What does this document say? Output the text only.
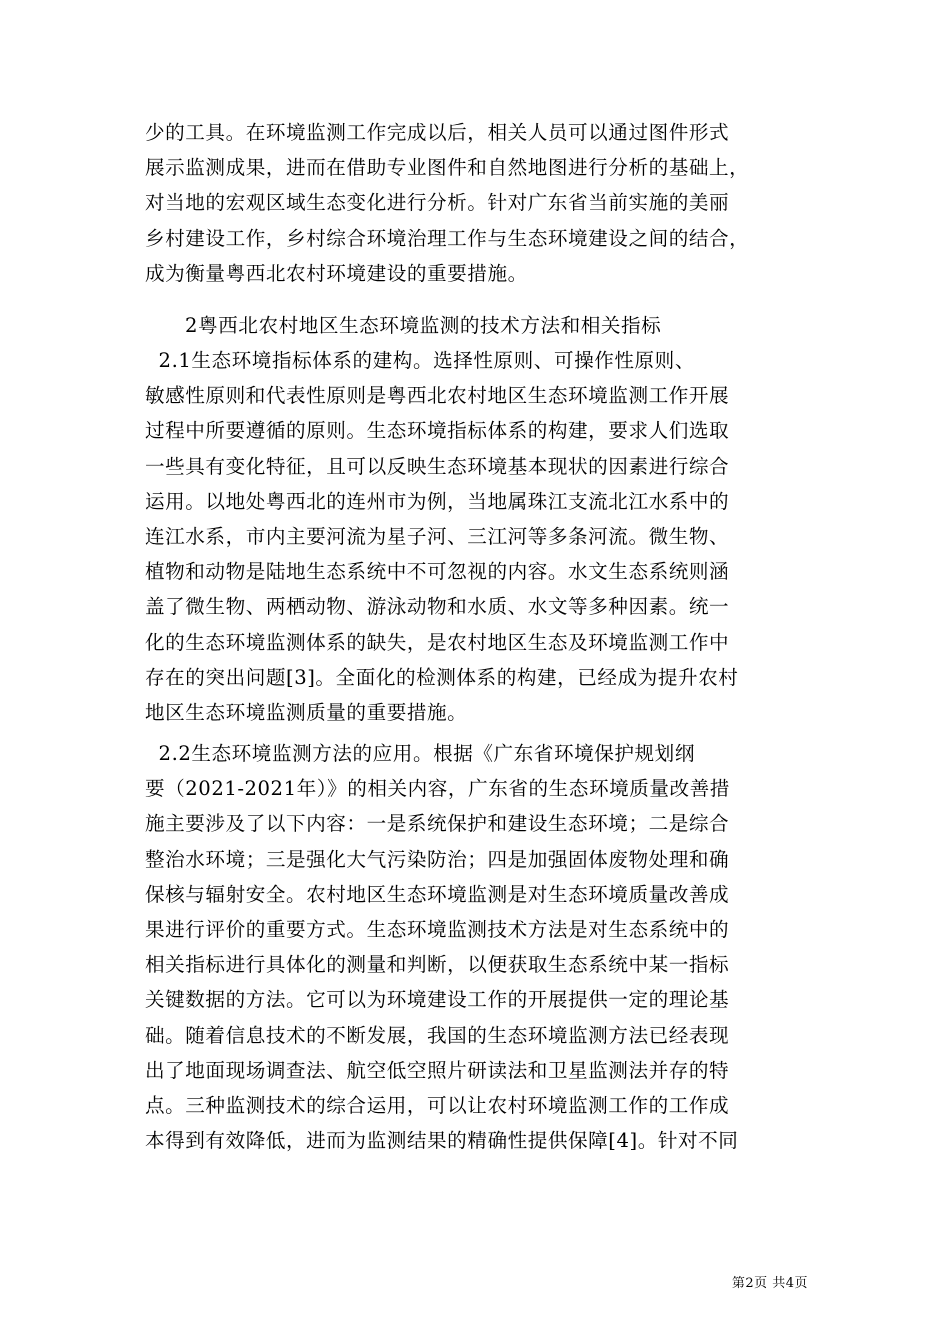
少的工具。在环境监测工作完成以后，相关人员可以通过图件形式
展示监测成果，进而在借助专业图件和自然地图进行分析的基础上，
对当地的宏观区域生态变化进行分析。针对广东省当前实施的美丽
乡村建设工作，乡村综合环境治理工作与生态环境建设之间的结合，
成为衡量粤西北农村环境建设的重要措施。
2粤西北农村地区生态环境监测的技术方法和相关指标
2.1生态环境指标体系的建构。选择性原则、可操作性原则、
敏感性原则和代表性原则是粤西北农村地区生态环境监测工作开展
过程中所要遵循的原则。生态环境指标体系的构建，要求人们选取
一些具有变化特征，且可以反映生态环境基本现状的因素进行综合
运用。以地处粤西北的连州市为例，当地属珠江支流北江水系中的
连江水系，市内主要河流为星子河、三江河等多条河流。微生物、
植物和动物是陆地生态系统中不可忽视的内容。水文生态系统则涵
盖了微生物、两栖动物、游泳动物和水质、水文等多种因素。统一
化的生态环境监测体系的缺失，是农村地区生态及环境监测工作中
存在的突出问题[3]。全面化的检测体系的构建，已经成为提升农村
地区生态环境监测质量的重要措施。
2.2生态环境监测方法的应用。根据《广东省环境保护规划纲
要（2021-2021年）》的相关内容，广东省的生态环境质量改善措
施主要涉及了以下内容：一是系统保护和建设生态环境；二是综合
整治水环境；三是强化大气污染防治；四是加强固体废物处理和确
保核与辐射安全。农村地区生态环境监测是对生态环境质量改善成
果进行评价的重要方式。生态环境监测技术方法是对生态系统中的
相关指标进行具体化的测量和判断，以便获取生态系统中某一指标
关键数据的方法。它可以为环境建设工作的开展提供一定的理论基
础。随着信息技术的不断发展，我国的生态环境监测方法已经表现
出了地面现场调查法、航空低空照片研读法和卫星监测法并存的特
点。三种监测技术的综合运用，可以让农村环境监测工作的工作成
本得到有效降低，进而为监测结果的精确性提供保障[4]。针对不同
第2页 共4页
